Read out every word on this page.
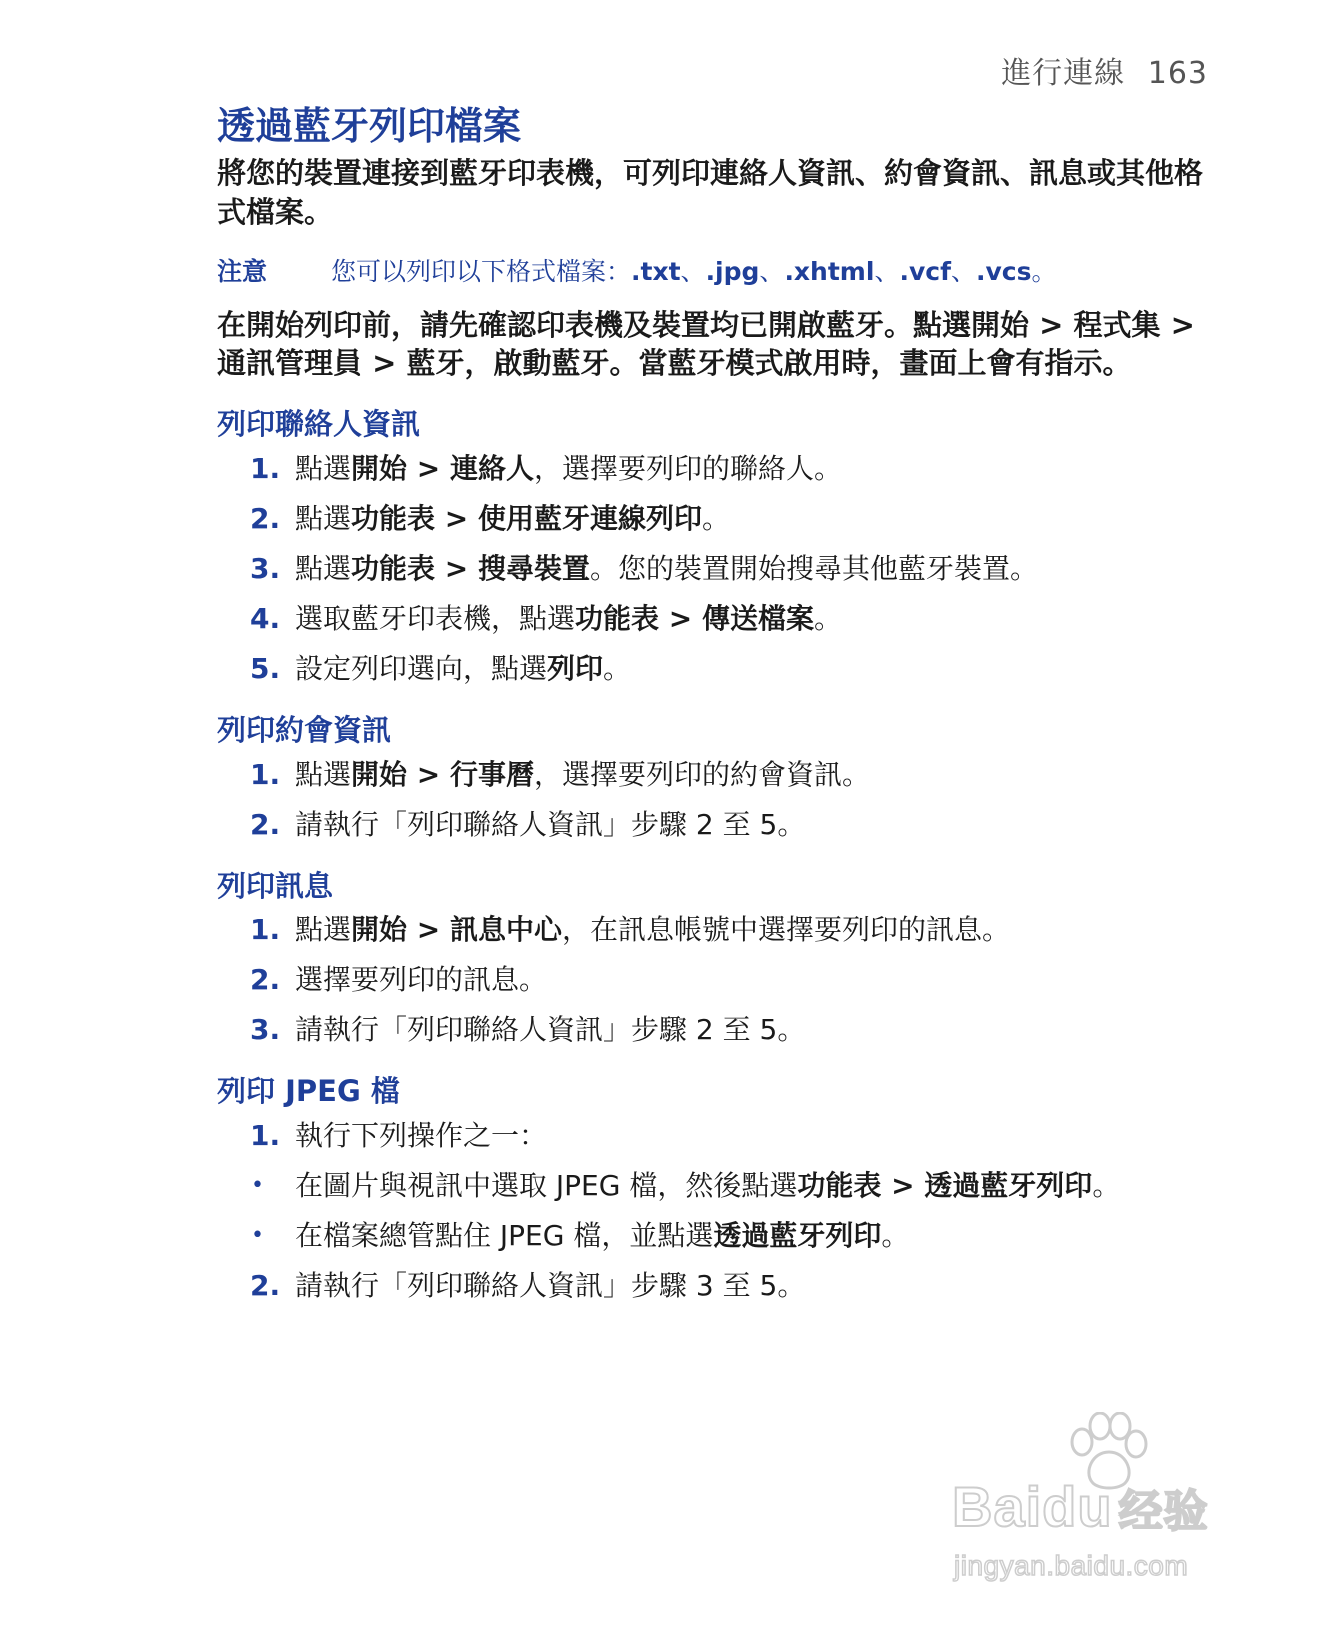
進行連線 163
透過藍牙列印檔案

將您的裝置連接到藍牙印表機，可列印連絡人資訊、約會資訊、訊息或其他格式檔案。

注意	您可以列印以下格式檔案：.txt、.jpg、.xhtml、.vcf、.vcs。

在開始列印前，請先確認印表機及裝置均已開啟藍牙。點選開始 > 程式集 > 通訊管理員 > 藍牙，啟動藍牙。當藍牙模式啟用時，畫面上會有指示。

列印聯絡人資訊
1. 點選開始 > 連絡人，選擇要列印的聯絡人。
2. 點選功能表 > 使用藍牙連線列印。
3. 點選功能表 > 搜尋裝置。您的裝置開始搜尋其他藍牙裝置。
4. 選取藍牙印表機，點選功能表 > 傳送檔案。
5. 設定列印選向，點選列印。
列印約會資訊
1. 點選開始 > 行事曆，選擇要列印的約會資訊。
2. 請執行「列印聯絡人資訊」步驟 2 至 5。
列印訊息
1. 點選開始 > 訊息中心，在訊息帳號中選擇要列印的訊息。
2. 選擇要列印的訊息。
3. 請執行「列印聯絡人資訊」步驟 2 至 5。
列印 JPEG 檔
1. 執行下列操作之一：
• 在圖片與視訊中選取 JPEG 檔，然後點選功能表 > 透過藍牙列印。
• 在檔案總管點住 JPEG 檔，並點選透過藍牙列印。
2. 請執行「列印聯絡人資訊」步驟 3 至 5。
Baidu 经验
jingyan.baidu.com
